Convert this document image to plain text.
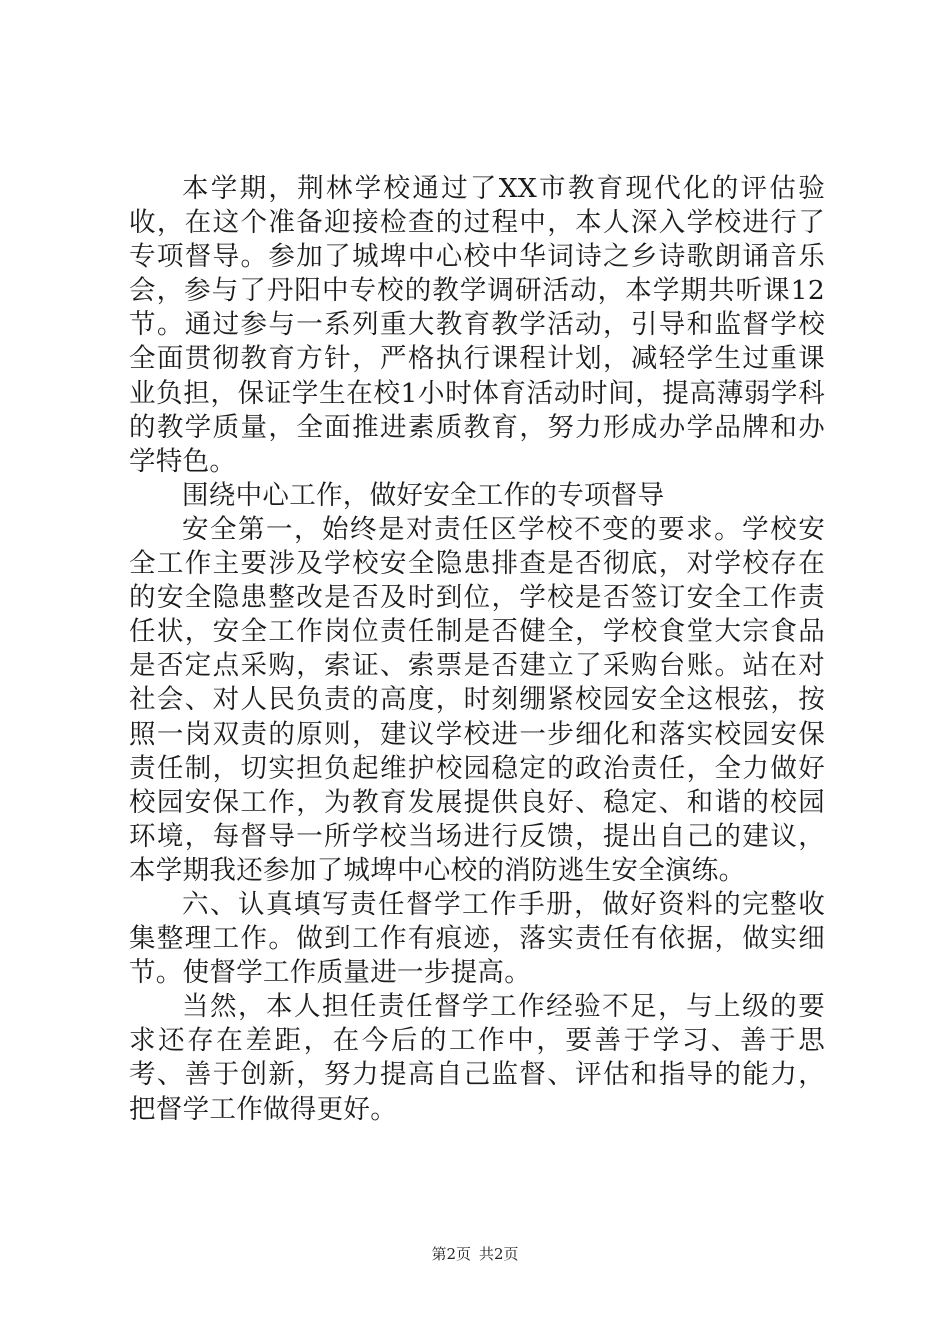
本学期，荆林学校通过了XX市教育现代化的评估验收，在这个准备迎接检查的过程中，本人深入学校进行了专项督导。参加了城埤中心校中华词诗之乡诗歌朗诵音乐会，参与了丹阳中专校的教学调研活动，本学期共听课12节。通过参与一系列重大教育教学活动，引导和监督学校全面贯彻教育方针，严格执行课程计划，减轻学生过重课业负担，保证学生在校1小时体育活动时间，提高薄弱学科的教学质量，全面推进素质教育，努力形成办学品牌和办学特色。

围绕中心工作，做好安全工作的专项督导

安全第一，始终是对责任区学校不变的要求。学校安全工作主要涉及学校安全隐患排查是否彻底，对学校存在的安全隐患整改是否及时到位，学校是否签订安全工作责任状，安全工作岗位责任制是否健全，学校食堂大宗食品是否定点采购，索证、索票是否建立了采购台账。站在对社会、对人民负责的高度，时刻绷紧校园安全这根弦，按照一岗双责的原则，建议学校进一步细化和落实校园安保责任制，切实担负起维护校园稳定的政治责任，全力做好校园安保工作，为教育发展提供良好、稳定、和谐的校园环境，每督导一所学校当场进行反馈，提出自己的建议，本学期我还参加了城埤中心校的消防逃生安全演练。

六、认真填写责任督学工作手册，做好资料的完整收集整理工作。做到工作有痕迹，落实责任有依据，做实细节。使督学工作质量进一步提高。

当然，本人担任责任督学工作经验不足，与上级的要求还存在差距，在今后的工作中，要善于学习、善于思考、善于创新，努力提高自己监督、评估和指导的能力，把督学工作做得更好。

第2页 共2页
